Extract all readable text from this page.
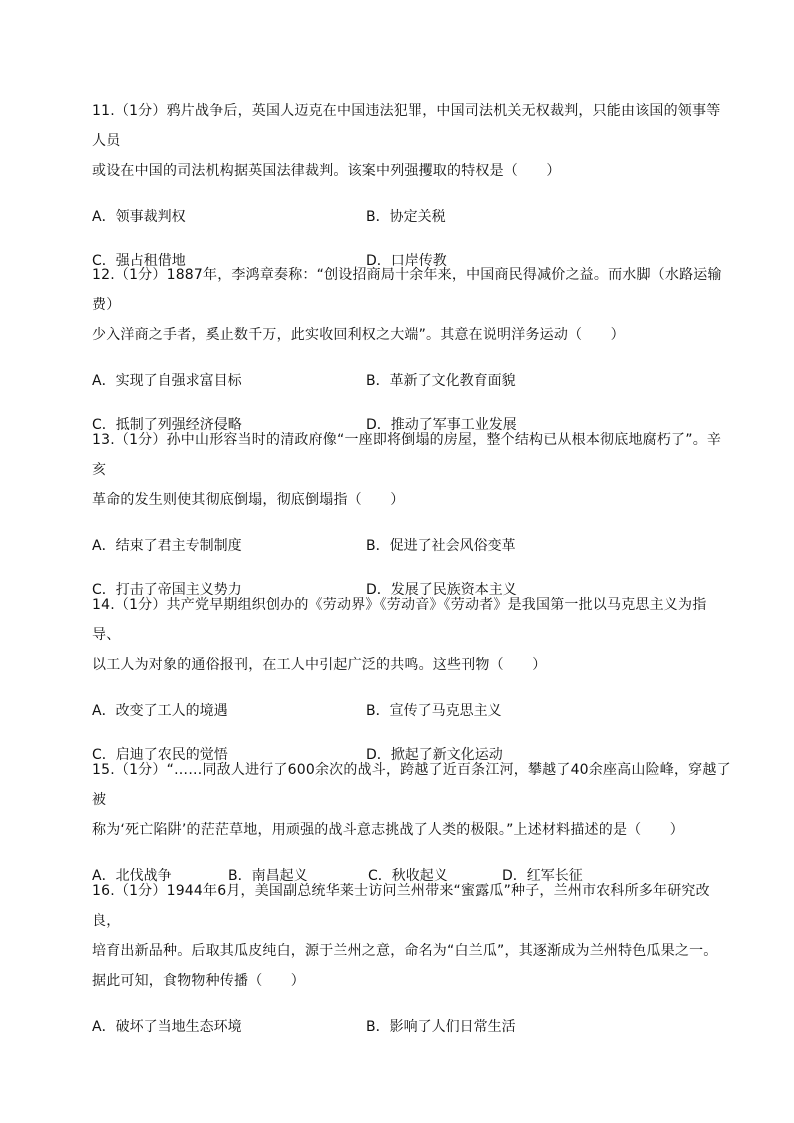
11.（1分）鸦片战争后，英国人迈克在中国违法犯罪，中国司法机关无权裁判，只能由该国的领事等人员
或设在中国的司法机构据英国法律裁判。该案中列强攫取的特权是（　　）
A．领事裁判权	B．协定关税
C．强占租借地	D．口岸传教
12.（1分）1887年，李鸿章奏称：“创设招商局十余年来，中国商民得减价之益。而水脚（水路运输费）
少入洋商之手者，奚止数千万，此实收回利权之大端”。其意在说明洋务运动（　　）
A．实现了自强求富目标	B．革新了文化教育面貌
C．抵制了列强经济侵略	D．推动了军事工业发展
13.（1分）孙中山形容当时的清政府像“一座即将倒塌的房屋，整个结构已从根本彻底地腐朽了”。辛亥
革命的发生则使其彻底倒塌，彻底倒塌指（　　）
A．结束了君主专制制度	B．促进了社会风俗变革
C．打击了帝国主义势力	D．发展了民族资本主义
14.（1分）共产党早期组织创办的《劳动界》《劳动音》《劳动者》是我国第一批以马克思主义为指导、
以工人为对象的通俗报刊，在工人中引起广泛的共鸣。这些刊物（　　）
A．改变了工人的境遇	B．宣传了马克思主义
C．启迪了农民的觉悟	D．掀起了新文化运动
15.（1分）“……同敌人进行了600余次的战斗，跨越了近百条江河，攀越了40余座高山险峰，穿越了被
称为‘死亡陷阱’的茫茫草地，用顽强的战斗意志挑战了人类的极限。”上述材料描述的是（　　）
A．北伐战争	B．南昌起义	C．秋收起义	D．红军长征
16.（1分）1944年6月，美国副总统华莱士访问兰州带来“蜜露瓜”种子，兰州市农科所多年研究改良，
培育出新品种。后取其瓜皮纯白，源于兰州之意，命名为“白兰瓜”，其逐渐成为兰州特色瓜果之一。
据此可知，食物物种传播（　　）
A．破坏了当地生态环境	B．影响了人们日常生活
